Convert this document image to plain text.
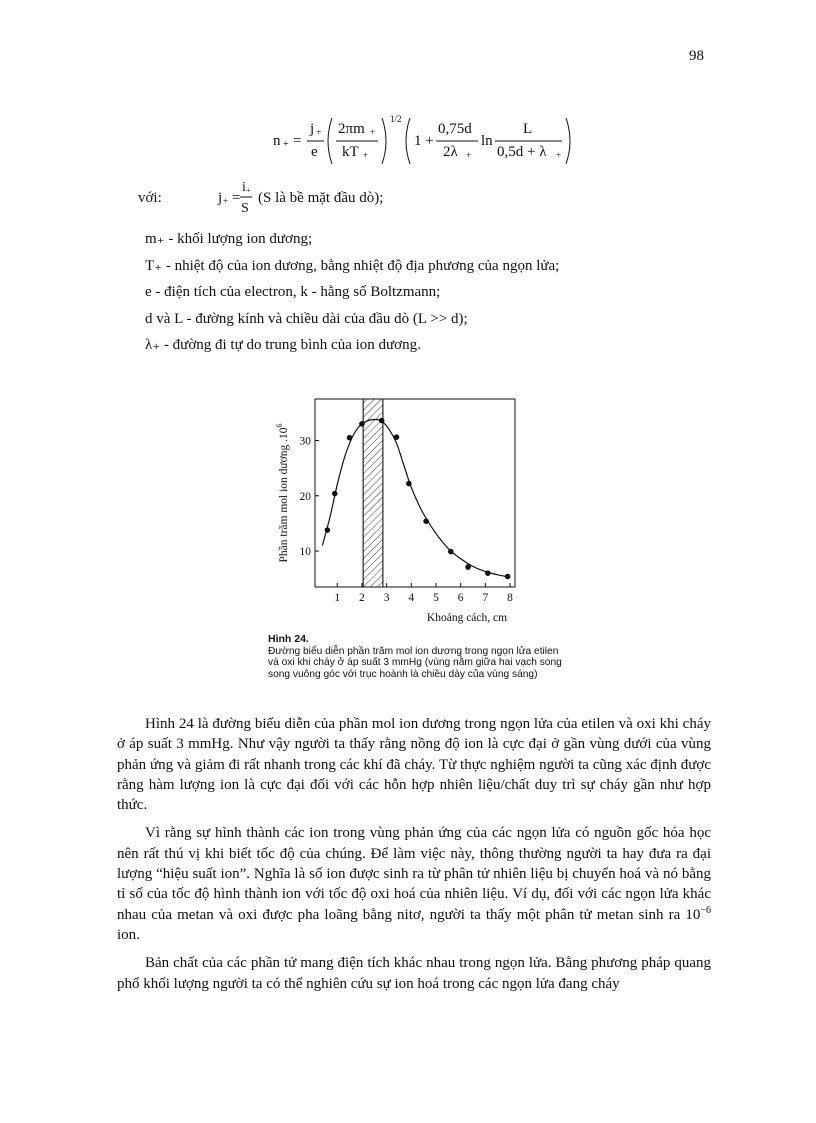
98
n + =
j +
e
2πm +
kT +
1/2
1 +
0,75d
2λ +
ln
L
0,5d + λ +
với:	j + =
i +
S
(S là bề mặt đầu dò);
m₊ - khối lượng ion dương;
T₊ - nhiệt độ của ion dương, bằng nhiệt độ địa phương của ngọn lửa;
e - điện tích của electron, k - hằng số Boltzmann;
d và L - đường kính và chiều dài của đầu dò (L >> d);
λ₊ - đường đi tự do trung bình của ion dương.
1 2 3 4 5 6 7 8
10
20
30
Phần trăm mol ion dương $.10^6$
Khoảng cách, cm
Hình 24.
Đường biểu diễn phần trăm mol ion dương trong ngọn lửa etilen và oxi khi cháy ở áp suất 3 mmHg (vùng nằm giữa hai vạch song song vuông góc với trục hoành là chiều dày của vùng sáng)

Hình 24 là đường biểu diễn của phần mol ion dương trong ngọn lửa của etilen và oxi khi cháy ở áp suất 3 mmHg. Như vậy người ta thấy rằng nồng độ ion là cực đại ở gần vùng dưới của vùng phản ứng và giảm đi rất nhanh trong các khí đã cháy. Từ thực nghiệm người ta cũng xác định được rằng hàm lượng ion là cực đại đối với các hỗn hợp nhiên liệu/chất duy trì sự cháy gần như hợp thức.

Vì rằng sự hình thành các ion trong vùng phản ứng của các ngọn lửa có nguồn gốc hóa học nên rất thú vị khi biết tốc độ của chúng. Để làm việc này, thông thường người ta hay đưa ra đại lượng “hiệu suất ion”. Nghĩa là số ion được sinh ra từ phân tử nhiên liệu bị chuyển hoá và nó bằng tỉ số của tốc độ hình thành ion với tốc độ oxi hoá của nhiên liệu. Ví dụ, đối với các ngọn lửa khác nhau của metan và oxi được pha loãng bằng nitơ, người ta thấy một phân tử metan sinh ra $10^{-6}$ ion.

Bản chất của các phần tử mang điện tích khác nhau trong ngọn lửa. Bằng phương pháp quang phổ khối lượng người ta có thể nghiên cứu sự ion hoá trong các ngọn lửa đang cháy
